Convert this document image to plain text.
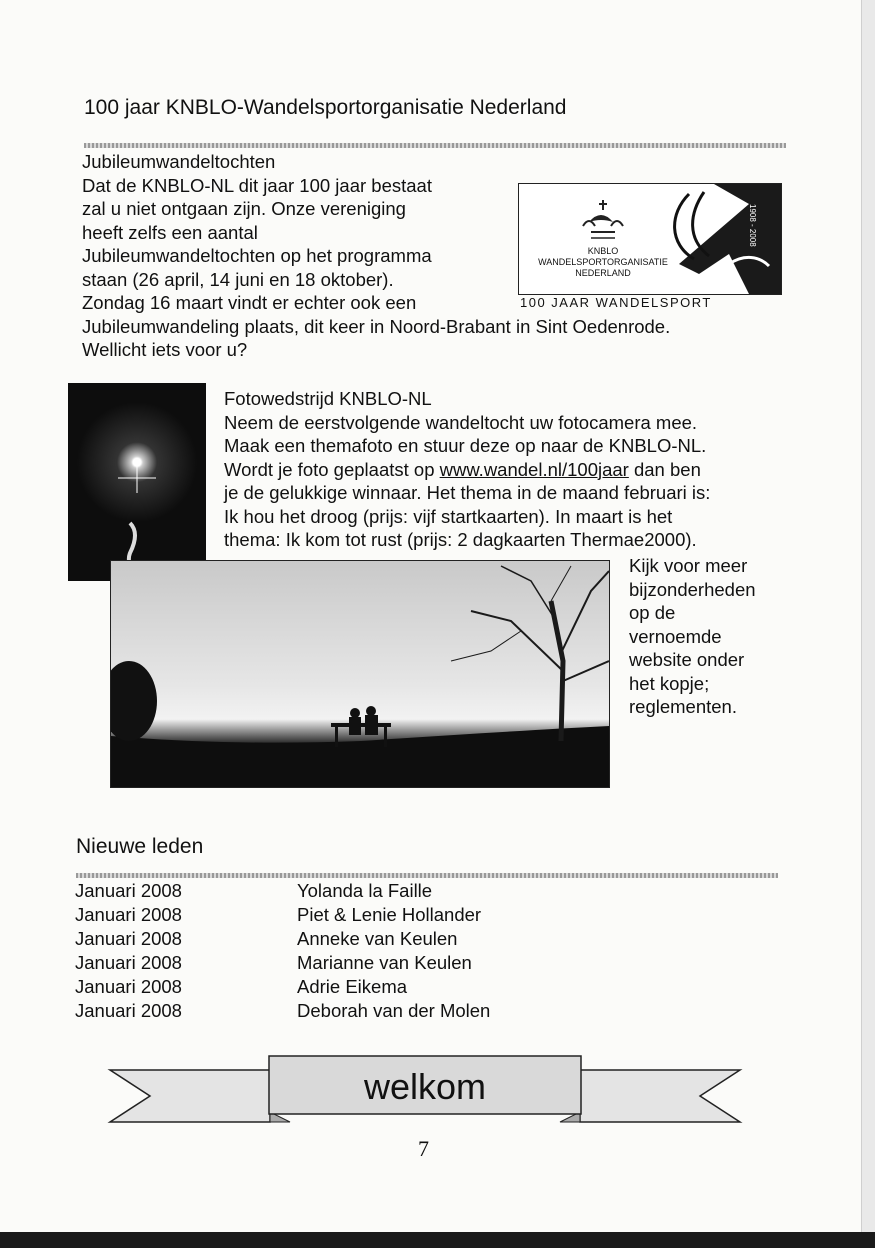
100 jaar KNBLO-Wandelsportorganisatie Nederland

Jubileumwandeltochten

Dat de KNBLO-NL dit jaar 100 jaar bestaat

zal u niet ontgaan zijn. Onze vereniging

heeft zelfs een aantal

Jubileumwandeltochten op het programma

staan (26 april, 14 juni en 18 oktober).

Zondag 16 maart vindt er echter ook een

Jubileumwandeling plaats, dit keer in Noord-Brabant in Sint Oedenrode.

Wellicht iets voor u?

KNBLO
WANDELSPORTORGANISATIE
NEDERLAND
1908 - 2008
100 JAAR WANDELSPORT

Fotowedstrijd KNBLO-NL

Neem de eerstvolgende wandeltocht uw fotocamera mee.

Maak een themafoto en stuur deze op naar de KNBLO-NL.

Wordt je foto geplaatst op www.wandel.nl/100jaar dan ben

je de gelukkige winnaar. Het thema in de maand februari is:

Ik hou het droog (prijs: vijf startkaarten). In maart is het

thema: Ik kom tot rust (prijs: 2 dagkaarten Thermae2000).

Kijk voor meer

bijzonderheden

op de

vernoemde

website onder

het kopje;

reglementen.

Nieuwe leden
Januari 2008	Yolanda la Faille
Januari 2008	Piet & Lenie Hollander
Januari 2008	Anneke van Keulen
Januari 2008	Marianne van Keulen
Januari 2008	Adrie Eikema
Januari 2008	Deborah van der Molen
welkom
7
